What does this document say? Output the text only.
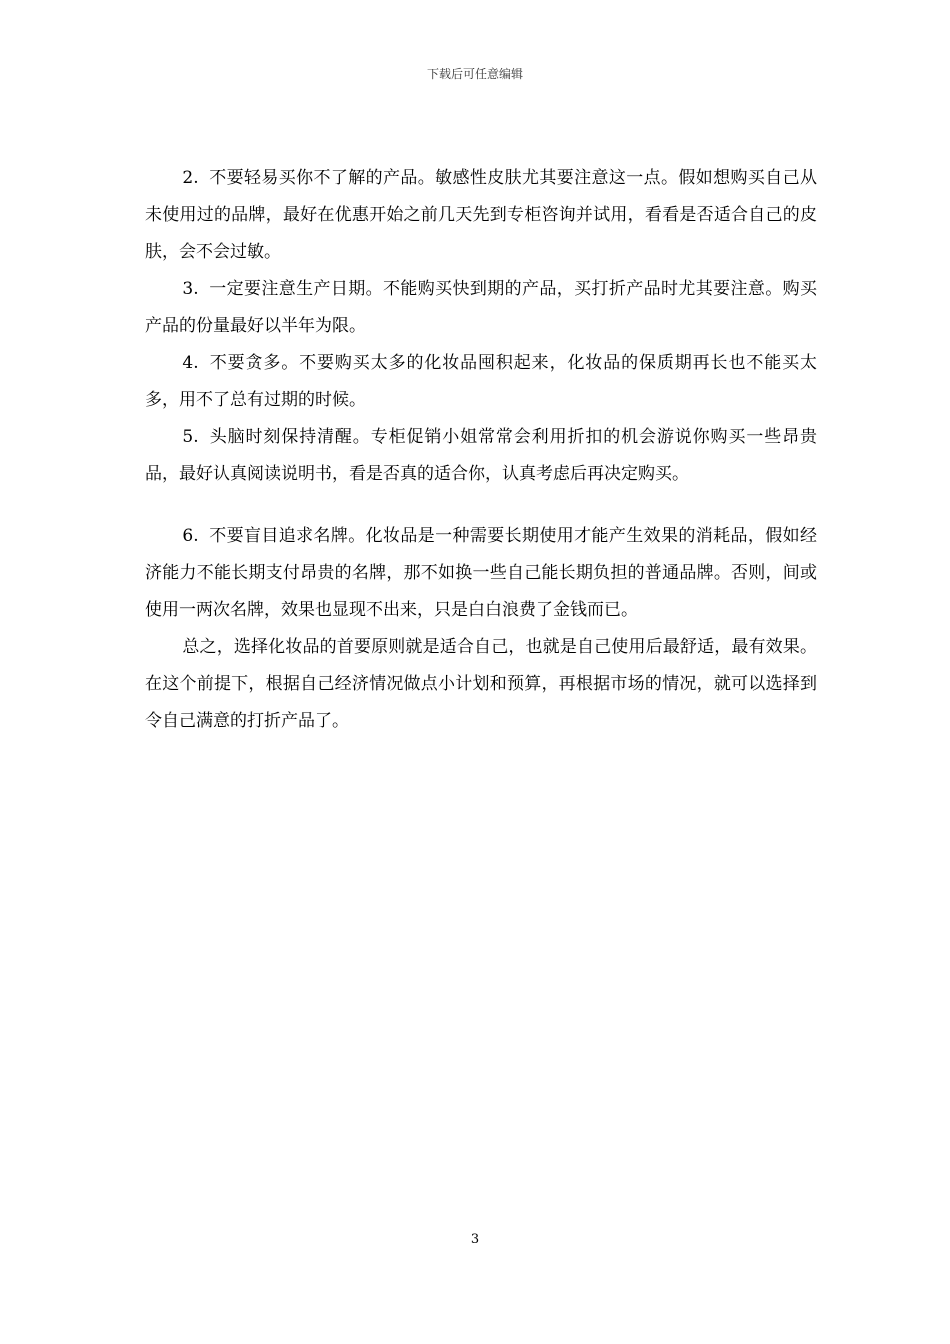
下载后可任意编辑

2. 不要轻易买你不了解的产品。敏感性皮肤尤其要注意这一点。假如想购买自己从未使用过的品牌，最好在优惠开始之前几天先到专柜咨询并试用，看看是否适合自己的皮肤，会不会过敏。

3. 一定要注意生产日期。不能购买快到期的产品，买打折产品时尤其要注意。购买产品的份量最好以半年为限。

4. 不要贪多。不要购买太多的化妆品囤积起来，化妆品的保质期再长也不能买太多，用不了总有过期的时候。

5. 头脑时刻保持清醒。专柜促销小姐常常会利用折扣的机会游说你购买一些昂贵品，最好认真阅读说明书，看是否真的适合你，认真考虑后再决定购买。

6. 不要盲目追求名牌。化妆品是一种需要长期使用才能产生效果的消耗品，假如经济能力不能长期支付昂贵的名牌，那不如换一些自己能长期负担的普通品牌。否则，间或使用一两次名牌，效果也显现不出来，只是白白浪费了金钱而已。

总之，选择化妆品的首要原则就是适合自己，也就是自己使用后最舒适，最有效果。在这个前提下，根据自己经济情况做点小计划和预算，再根据市场的情况，就可以选择到令自己满意的打折产品了。

3
